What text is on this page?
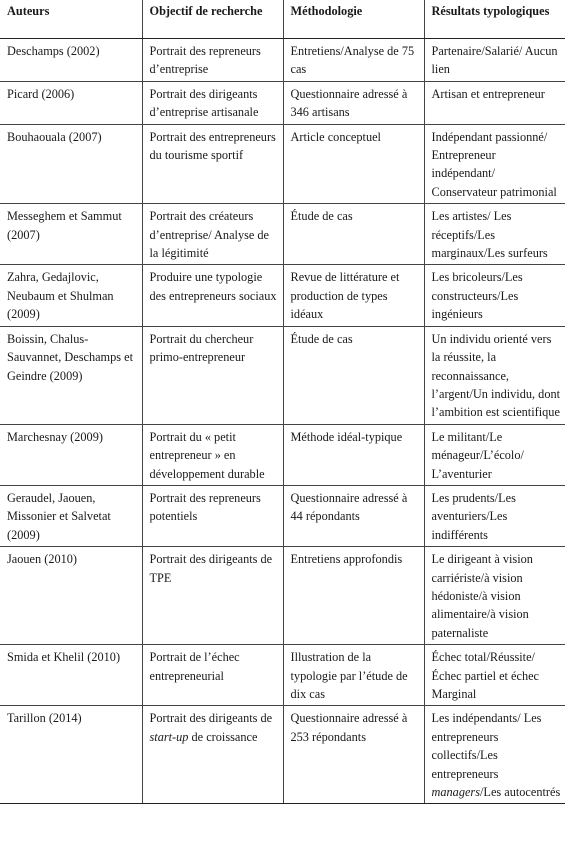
Auteurs	Objectif de recherche	Méthodologie	Résultats typologiques

Deschamps (2002)	Portrait des repreneurs d’entreprise	Entretiens/Analyse de 75 cas	Partenaire/Salarié/ Aucun lien

Picard (2006)	Portrait des dirigeants d’entreprise artisanale	Questionnaire adressé à 346 artisans	Artisan et entrepreneur

Bouhaouala (2007)	Portrait des entrepreneurs du tourisme sportif	Article conceptuel	Indépendant passionné/ Entrepreneur indépendant/ Conservateur patrimonial

Messeghem et Sammut (2007)	Portrait des créateurs d’entreprise/ Analyse de la légitimité	Étude de cas	Les artistes/ Les réceptifs/Les marginaux/Les surfeurs

Zahra, Gedajlovic, Neubaum et Shulman (2009)	Produire une typologie des entrepreneurs sociaux	Revue de littérature et production de types idéaux	Les bricoleurs/Les constructeurs/Les ingénieurs

Boissin, Chalus-Sauvannet, Deschamps et Geindre (2009)	Portrait du chercheur primo-entrepreneur	Étude de cas	Un individu orienté vers la réussite, la reconnaissance, l’argent/Un individu, dont l’ambition est scientifique

Marchesnay (2009)	Portrait du « petit entrepreneur » en développement durable	Méthode idéal-typique	Le militant/Le ménageur/L’écolo/ L’aventurier

Geraudel, Jaouen, Missonier et Salvetat (2009)	Portrait des repreneurs potentiels	Questionnaire adressé à 44 répondants	Les prudents/Les aventuriers/Les indifférents

Jaouen (2010)	Portrait des dirigeants de TPE	Entretiens approfondis	Le dirigeant à vision carriériste/à vision hédoniste/à vision alimentaire/à vision paternaliste

Smida et Khelil (2010)	Portrait de l’échec entrepreneurial	Illustration de la typologie par l’étude de dix cas	Échec total/Réussite/ Échec partiel et échec Marginal

Tarillon (2014)	Portrait des dirigeants de start-up de croissance	Questionnaire adressé à 253 répondants	Les indépendants/ Les entrepreneurs collectifs/Les entrepreneurs managers/Les autocentrés
